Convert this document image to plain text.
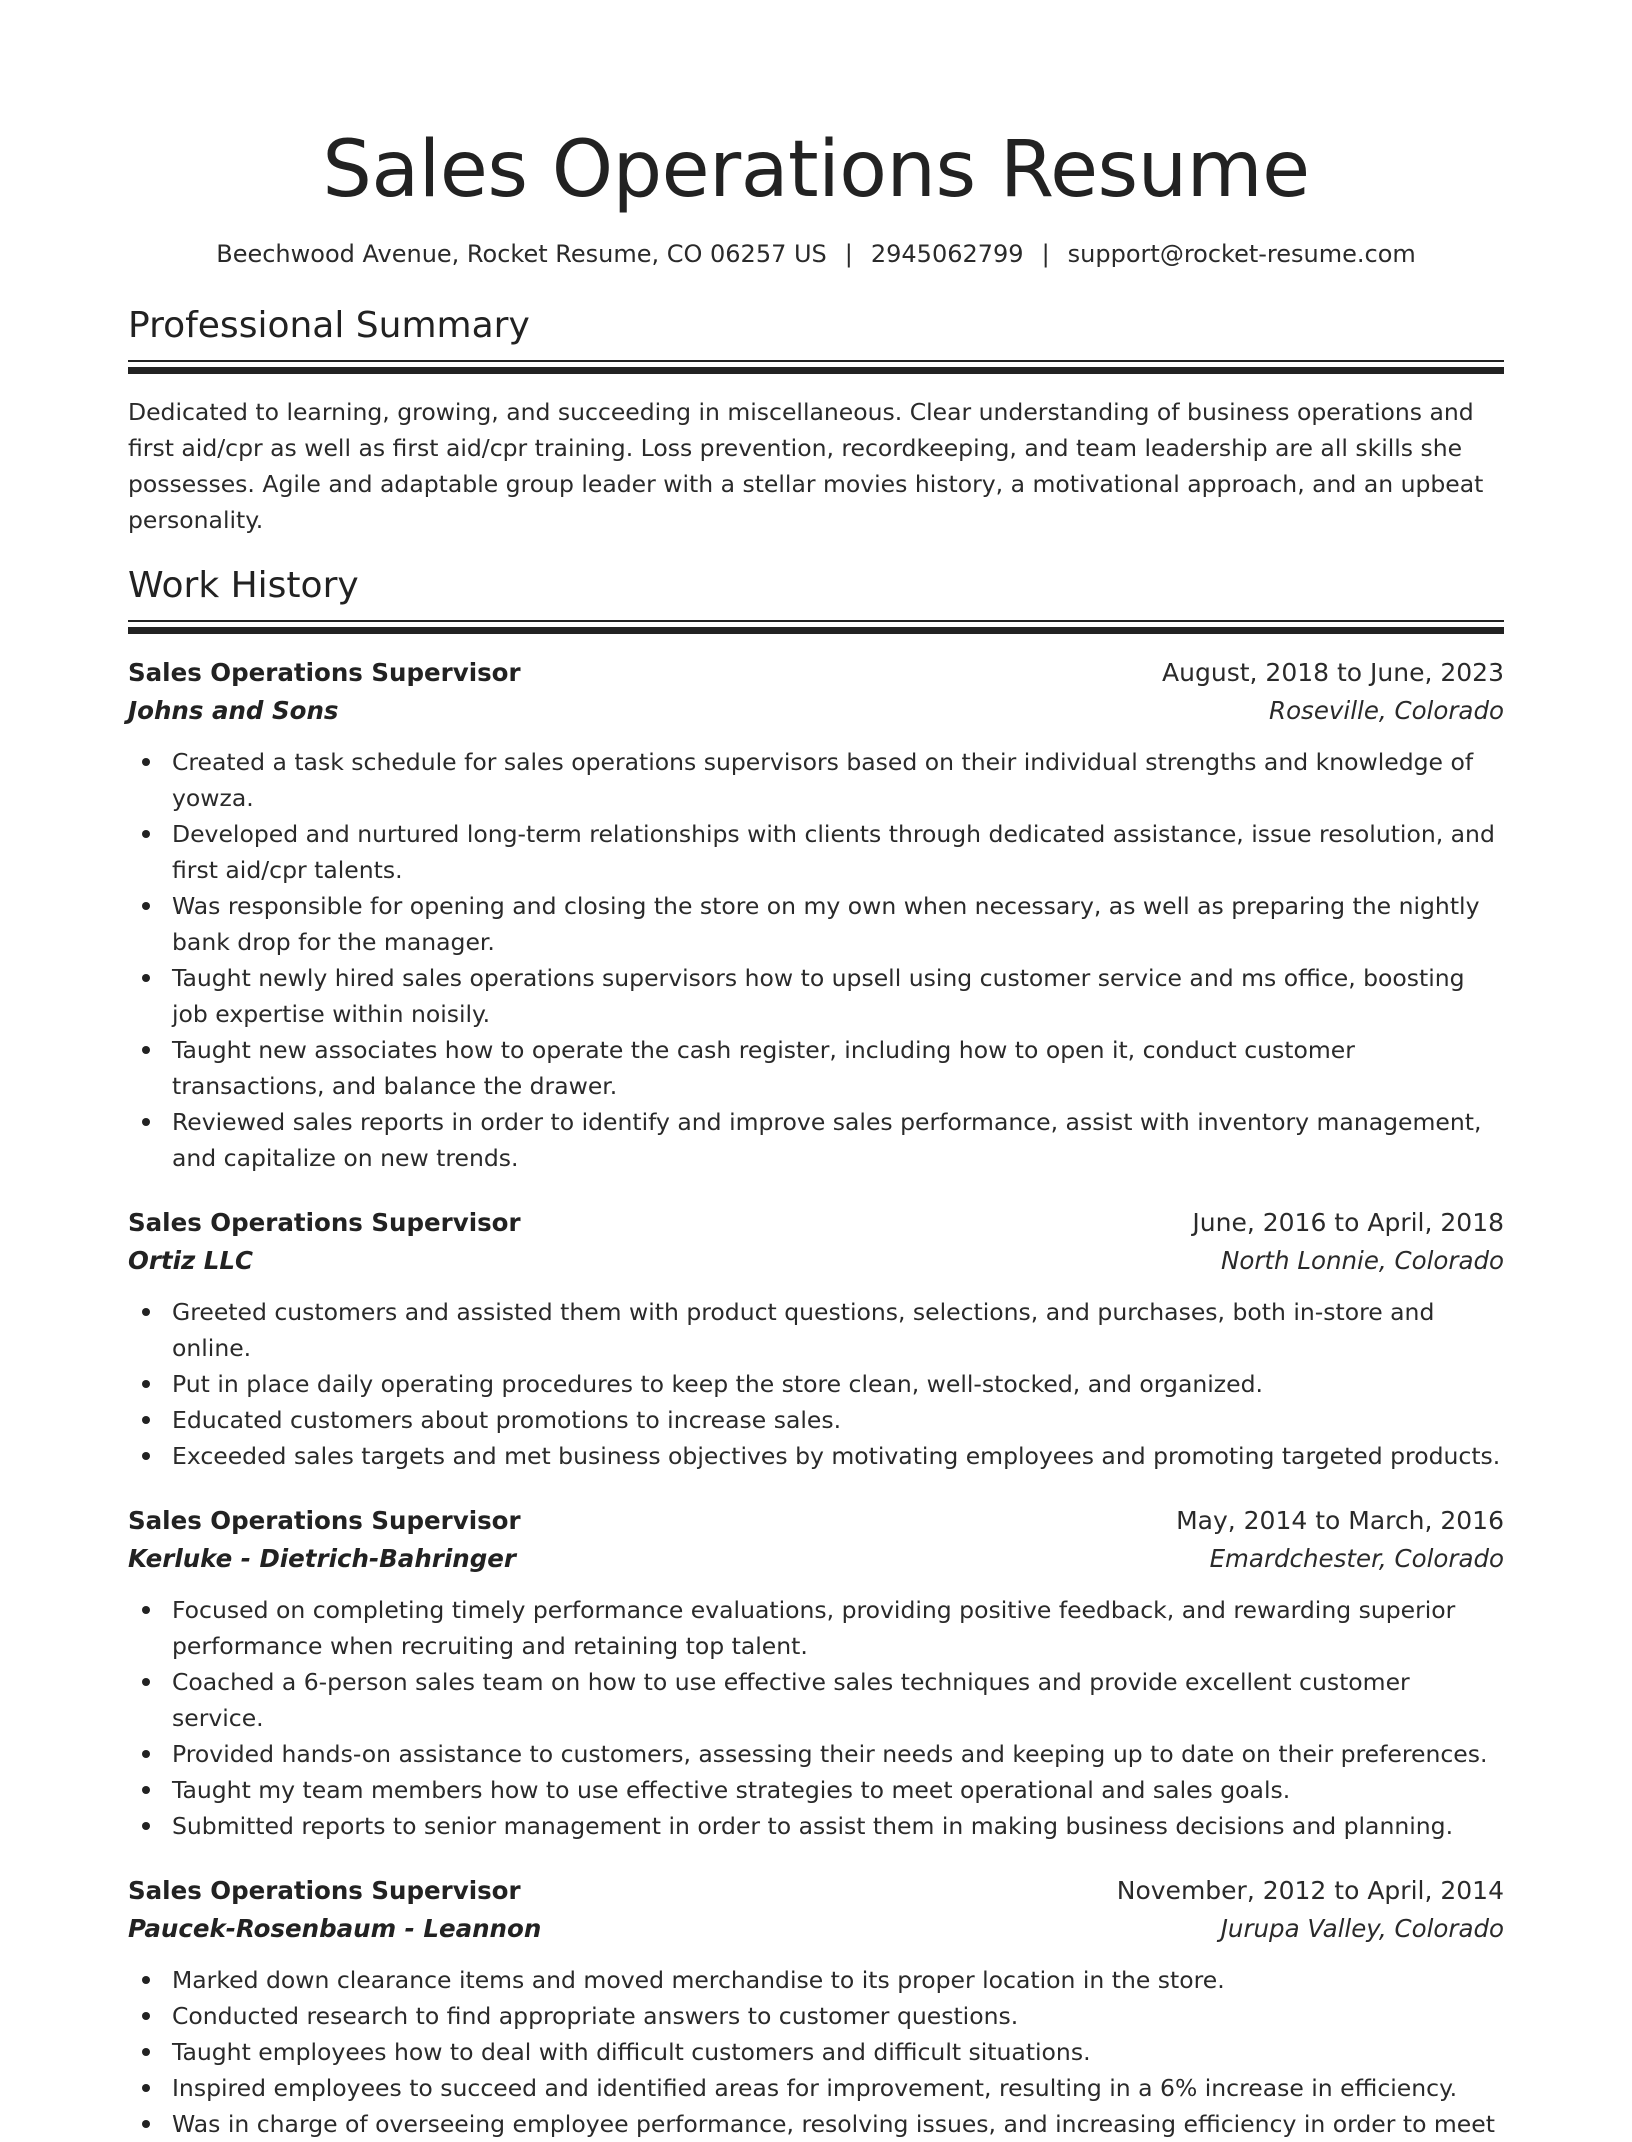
Sales Operations Resume
Beechwood Avenue, Rocket Resume, CO 06257 US | 2945062799 | support@rocket-resume.com
Professional Summary

Dedicated to learning, growing, and succeeding in miscellaneous. Clear understanding of business operations and first aid/cpr as well as first aid/cpr training. Loss prevention, recordkeeping, and team leadership are all skills she possesses. Agile and adaptable group leader with a stellar movies history, a motivational approach, and an upbeat personality.

Work History
Sales Operations Supervisor	August, 2018 to June, 2023
Johns and Sons	Roseville, Colorado
Created a task schedule for sales operations supervisors based on their individual strengths and knowledge of yowza.
Developed and nurtured long-term relationships with clients through dedicated assistance, issue resolution, and first aid/cpr talents.
Was responsible for opening and closing the store on my own when necessary, as well as preparing the nightly bank drop for the manager.
Taught newly hired sales operations supervisors how to upsell using customer service and ms office, boosting job expertise within noisily.
Taught new associates how to operate the cash register, including how to open it, conduct customer transactions, and balance the drawer.
Reviewed sales reports in order to identify and improve sales performance, assist with inventory management, and capitalize on new trends.
Sales Operations Supervisor	June, 2016 to April, 2018
Ortiz LLC	North Lonnie, Colorado
Greeted customers and assisted them with product questions, selections, and purchases, both in-store and online.
Put in place daily operating procedures to keep the store clean, well-stocked, and organized.
Educated customers about promotions to increase sales.
Exceeded sales targets and met business objectives by motivating employees and promoting targeted products.
Sales Operations Supervisor	May, 2014 to March, 2016
Kerluke - Dietrich-Bahringer	Emardchester, Colorado
Focused on completing timely performance evaluations, providing positive feedback, and rewarding superior performance when recruiting and retaining top talent.
Coached a 6-person sales team on how to use effective sales techniques and provide excellent customer service.
Provided hands-on assistance to customers, assessing their needs and keeping up to date on their preferences.
Taught my team members how to use effective strategies to meet operational and sales goals.
Submitted reports to senior management in order to assist them in making business decisions and planning.
Sales Operations Supervisor	November, 2012 to April, 2014
Paucek-Rosenbaum - Leannon	Jurupa Valley, Colorado
Marked down clearance items and moved merchandise to its proper location in the store.
Conducted research to find appropriate answers to customer questions.
Taught employees how to deal with difficult customers and difficult situations.
Inspired employees to succeed and identified areas for improvement, resulting in a 6% increase in efficiency.
Was in charge of overseeing employee performance, resolving issues, and increasing efficiency in order to meet
